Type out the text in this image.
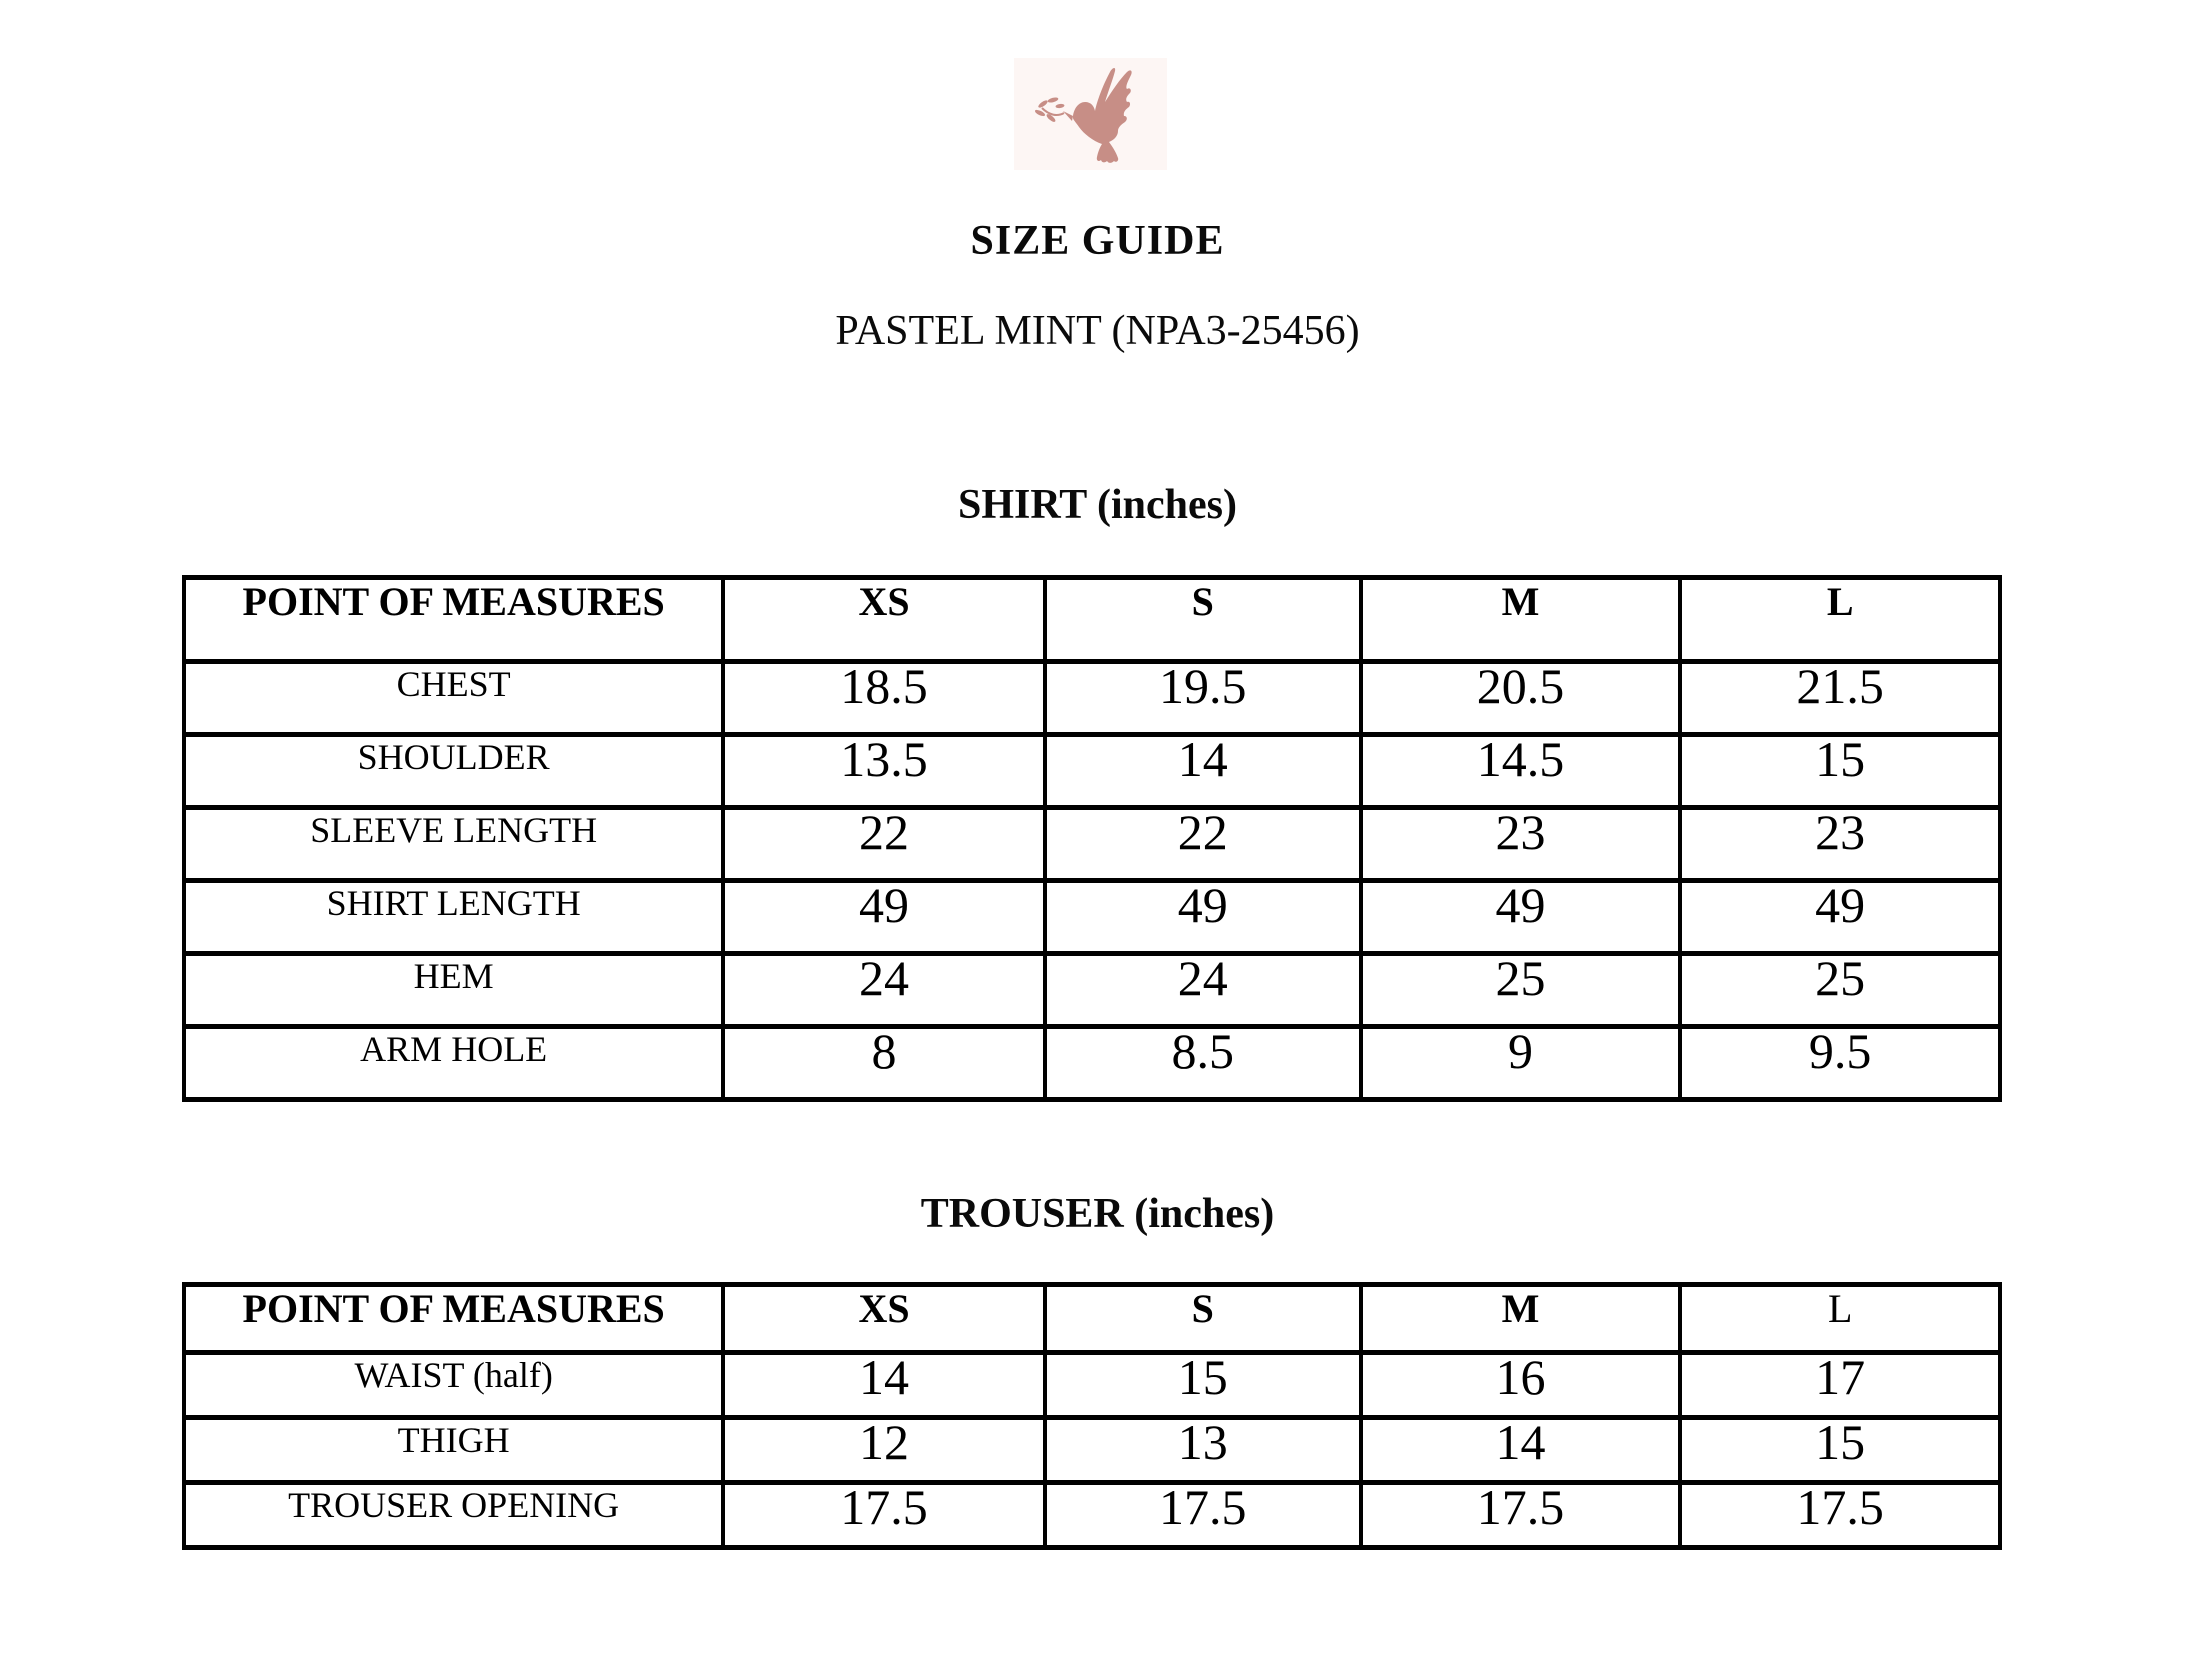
SIZE GUIDE
PASTEL MINT (NPA3-25456)
SHIRT (inches)
TROUSER (inches)
POINT OF MEASURES	XS	S	M	L
CHEST	18.5	19.5	20.5	21.5
SHOULDER	13.5	14	14.5	15
SLEEVE LENGTH	22	22	23	23
SHIRT LENGTH	49	49	49	49
HEM	24	24	25	25
ARM HOLE	8	8.5	9	9.5
POINT OF MEASURES	XS	S	M	L
WAIST (half)	14	15	16	17
THIGH	12	13	14	15
TROUSER OPENING	17.5	17.5	17.5	17.5
